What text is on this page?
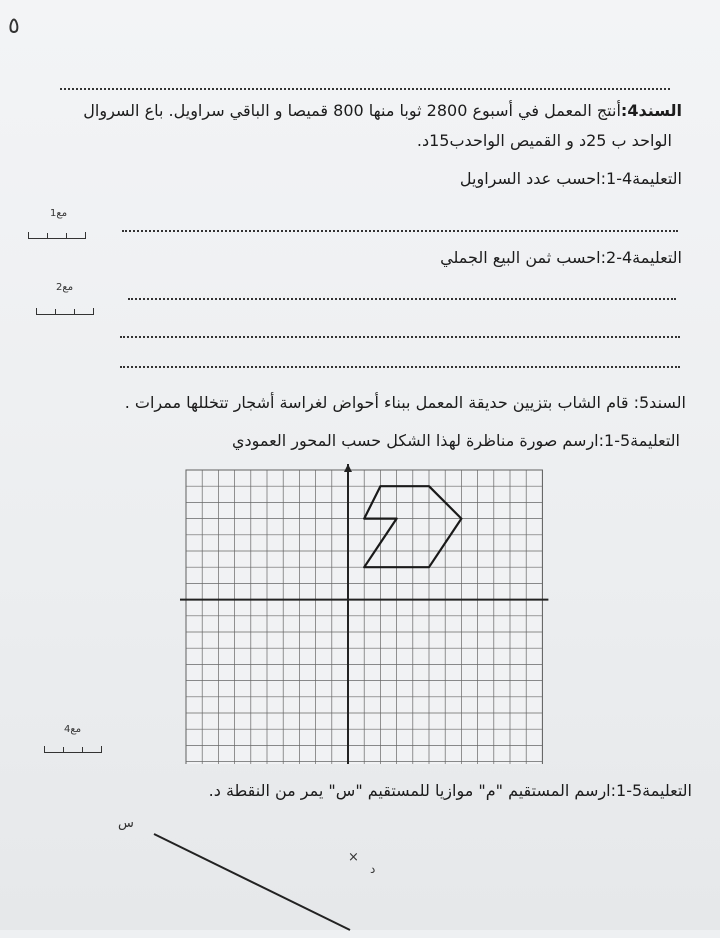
٥
السند4:أنتج المعمل في أسبوع 2800 ثوبا منها 800 قميصا و الباقي سراويل. باع السروال
الواحد ب 25د و القميص الواحدب15د.
التعليمة4-1:احسب عدد السراويل
مع1
التعليمة4-2:احسب ثمن البيع الجملي
مع2
السند5: قام الشاب بتزيين حديقة المعمل ببناء أحواض لغراسة أشجار تتخللها ممرات .
التعليمة5-1:ارسم صورة مناظرة لهذا الشكل حسب المحور العمودي
مع4
التعليمة5-1:ارسم المستقيم "م" موازيا للمستقيم "س" يمر من النقطة د.
س
×
د
